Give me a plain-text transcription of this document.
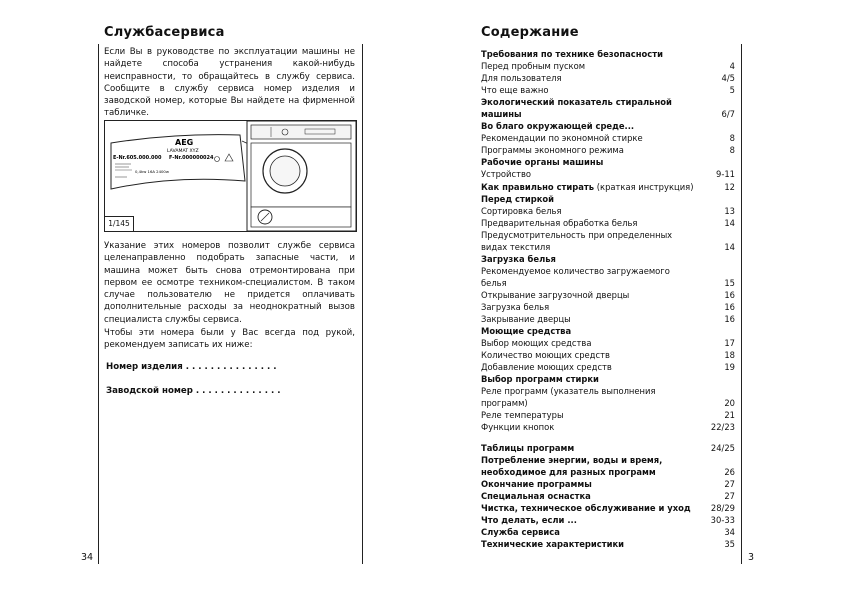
Службасервиса
Если Вы в руководстве по эксплуатации машины не найдете способа устранения какой-нибудь неисправности, то обращайтесь в службу сервиса. Сообщите в службу сервиса номер изделия и заводской номер, которые Вы найдете на фирменной табличке.
AEG
LAVAMAT XYZ
E-Nr.605.000.000 F-Nr.000000024
0,4kw 16A 2400w
1/145
Указание этих номеров позволит службе сервиса целенаправленно подобрать запасные части, и машина может быть снова отремонтирована при первом ее осмотре техником-специалистом. В таком случае пользователю не придется оплачивать дополнительные расходы за неоднократный вызов специалиста службы сервиса.
Чтобы эти номера были у Вас всегда под рукой, рекомендуем записать их ниже:
Номер изделия . . . . . . . . . . . . . . .
Заводской номер . . . . . . . . . . . . . .
34
Содержание
Требования по технике безопасности
Перед пробным пуском	4
Для пользователя	4/5
Что еще важно	5
Экологический показатель стиральной
машины	6/7
Во благо окружающей среде...
Рекомендации по экономной стирке	8
Программы экономного режима	8
Рабочие органы машины
Устройство	9-11
Как правильно стирать (краткая инструкция)	12
Перед стиркой
Сортировка белья	13
Предварительная обработка белья	14
Предусмотрительность при определенных
видах текстиля	14
Загрузка белья
Рекомендуемое количество загружаемого
белья	15
Открывание загрузочной дверцы	16
Загрузка белья	16
Закрывание дверцы	16
Моющие средства
Выбор моющих средства	17
Количество моющих средств	18
Добавление моющих средств	19
Выбор программ стирки
Реле программ (указатель выполнения
программ)	20
Реле температуры	21
Функции кнопок	22/23
Таблицы программ	24/25
Потребление энергии, воды и время,
необходимое для разных программ	26
Окончание программы	27
Специальная оснастка	27
Чистка, техническое обслуживание и уход 28/29
Что делать, если ...	30-33
Служба сервиса	34
Технические характеристики	35
3
